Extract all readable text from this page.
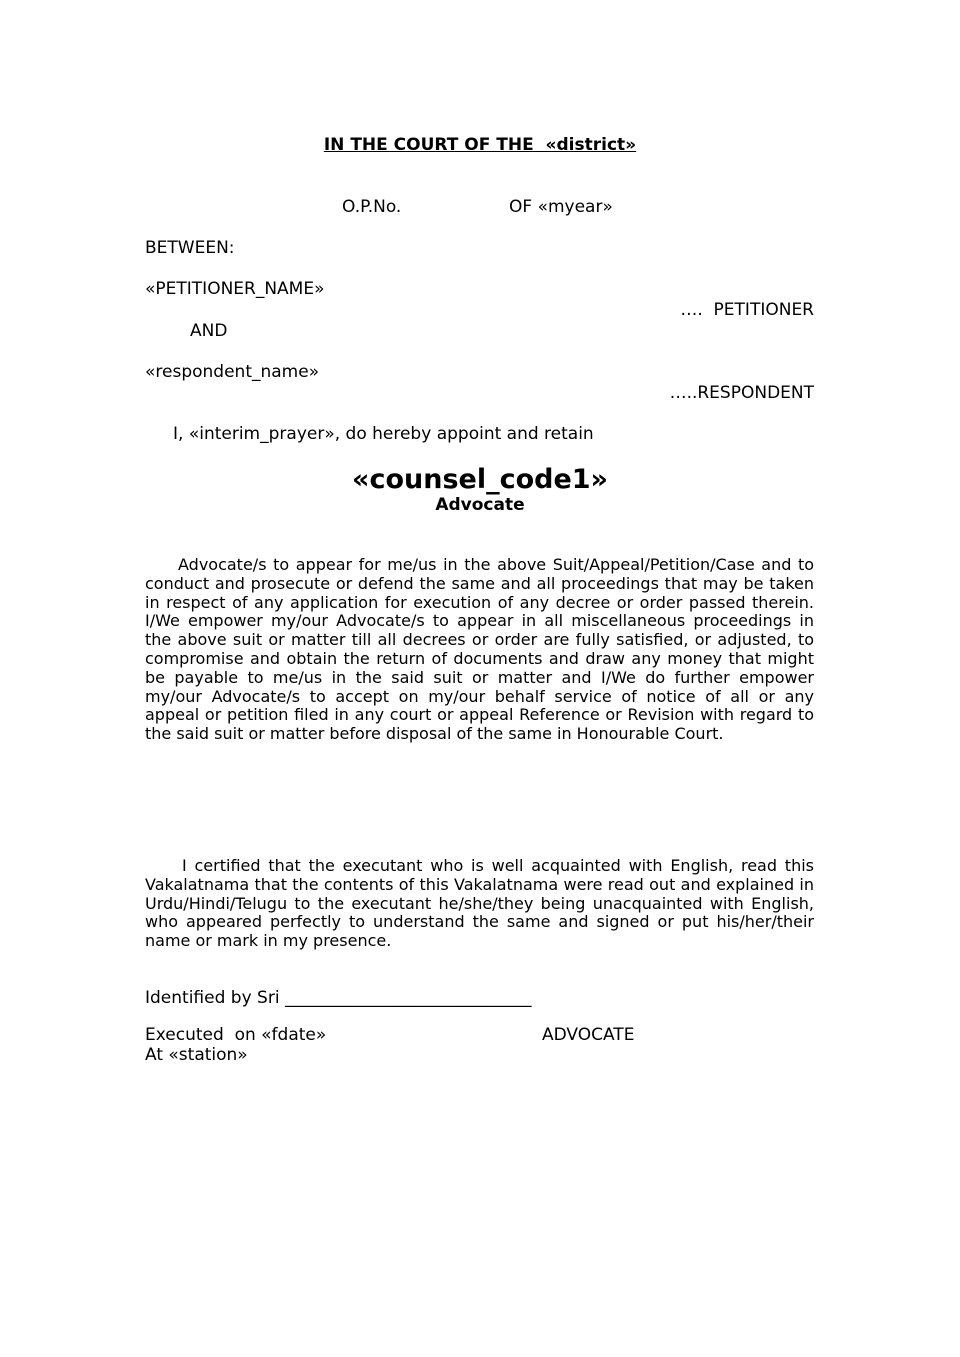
IN THE COURT OF THE  «district»
O.P.No.	OF «myear»
BETWEEN:
«PETITIONER_NAME»
….  PETITIONER
AND
«respondent_name»
…..RESPONDENT
I, «interim_prayer», do hereby appoint and retain
«counsel_code1»
Advocate

Advocate/s to appear for me/us in the above Suit/Appeal/Petition/Case and to conduct and prosecute or defend the same and all proceedings that may be taken in respect of any application for execution of any decree or order passed therein. I/We empower my/our Advocate/s to appear in all miscellaneous proceedings in the above suit or matter till all decrees or order are fully satisfied, or adjusted, to compromise and obtain the return of documents and draw any money that might be payable to me/us in the said suit or matter and I/We do further empower my/our Advocate/s to accept on my/our behalf service of notice of all or any appeal or petition filed in any court or appeal Reference or Revision with regard to the said suit or matter before disposal of the same in Honourable Court.

I certified that the executant who is well acquainted with English, read this Vakalatnama that the contents of this Vakalatnama were read out and explained in Urdu/Hindi/Telugu to the executant he/she/they being unacquainted with English, who appeared perfectly to understand the same and signed or put his/her/their name or mark in my presence.

Identified by Sri _____________________________
Executed  on «fdate»
At «station»
ADVOCATE
